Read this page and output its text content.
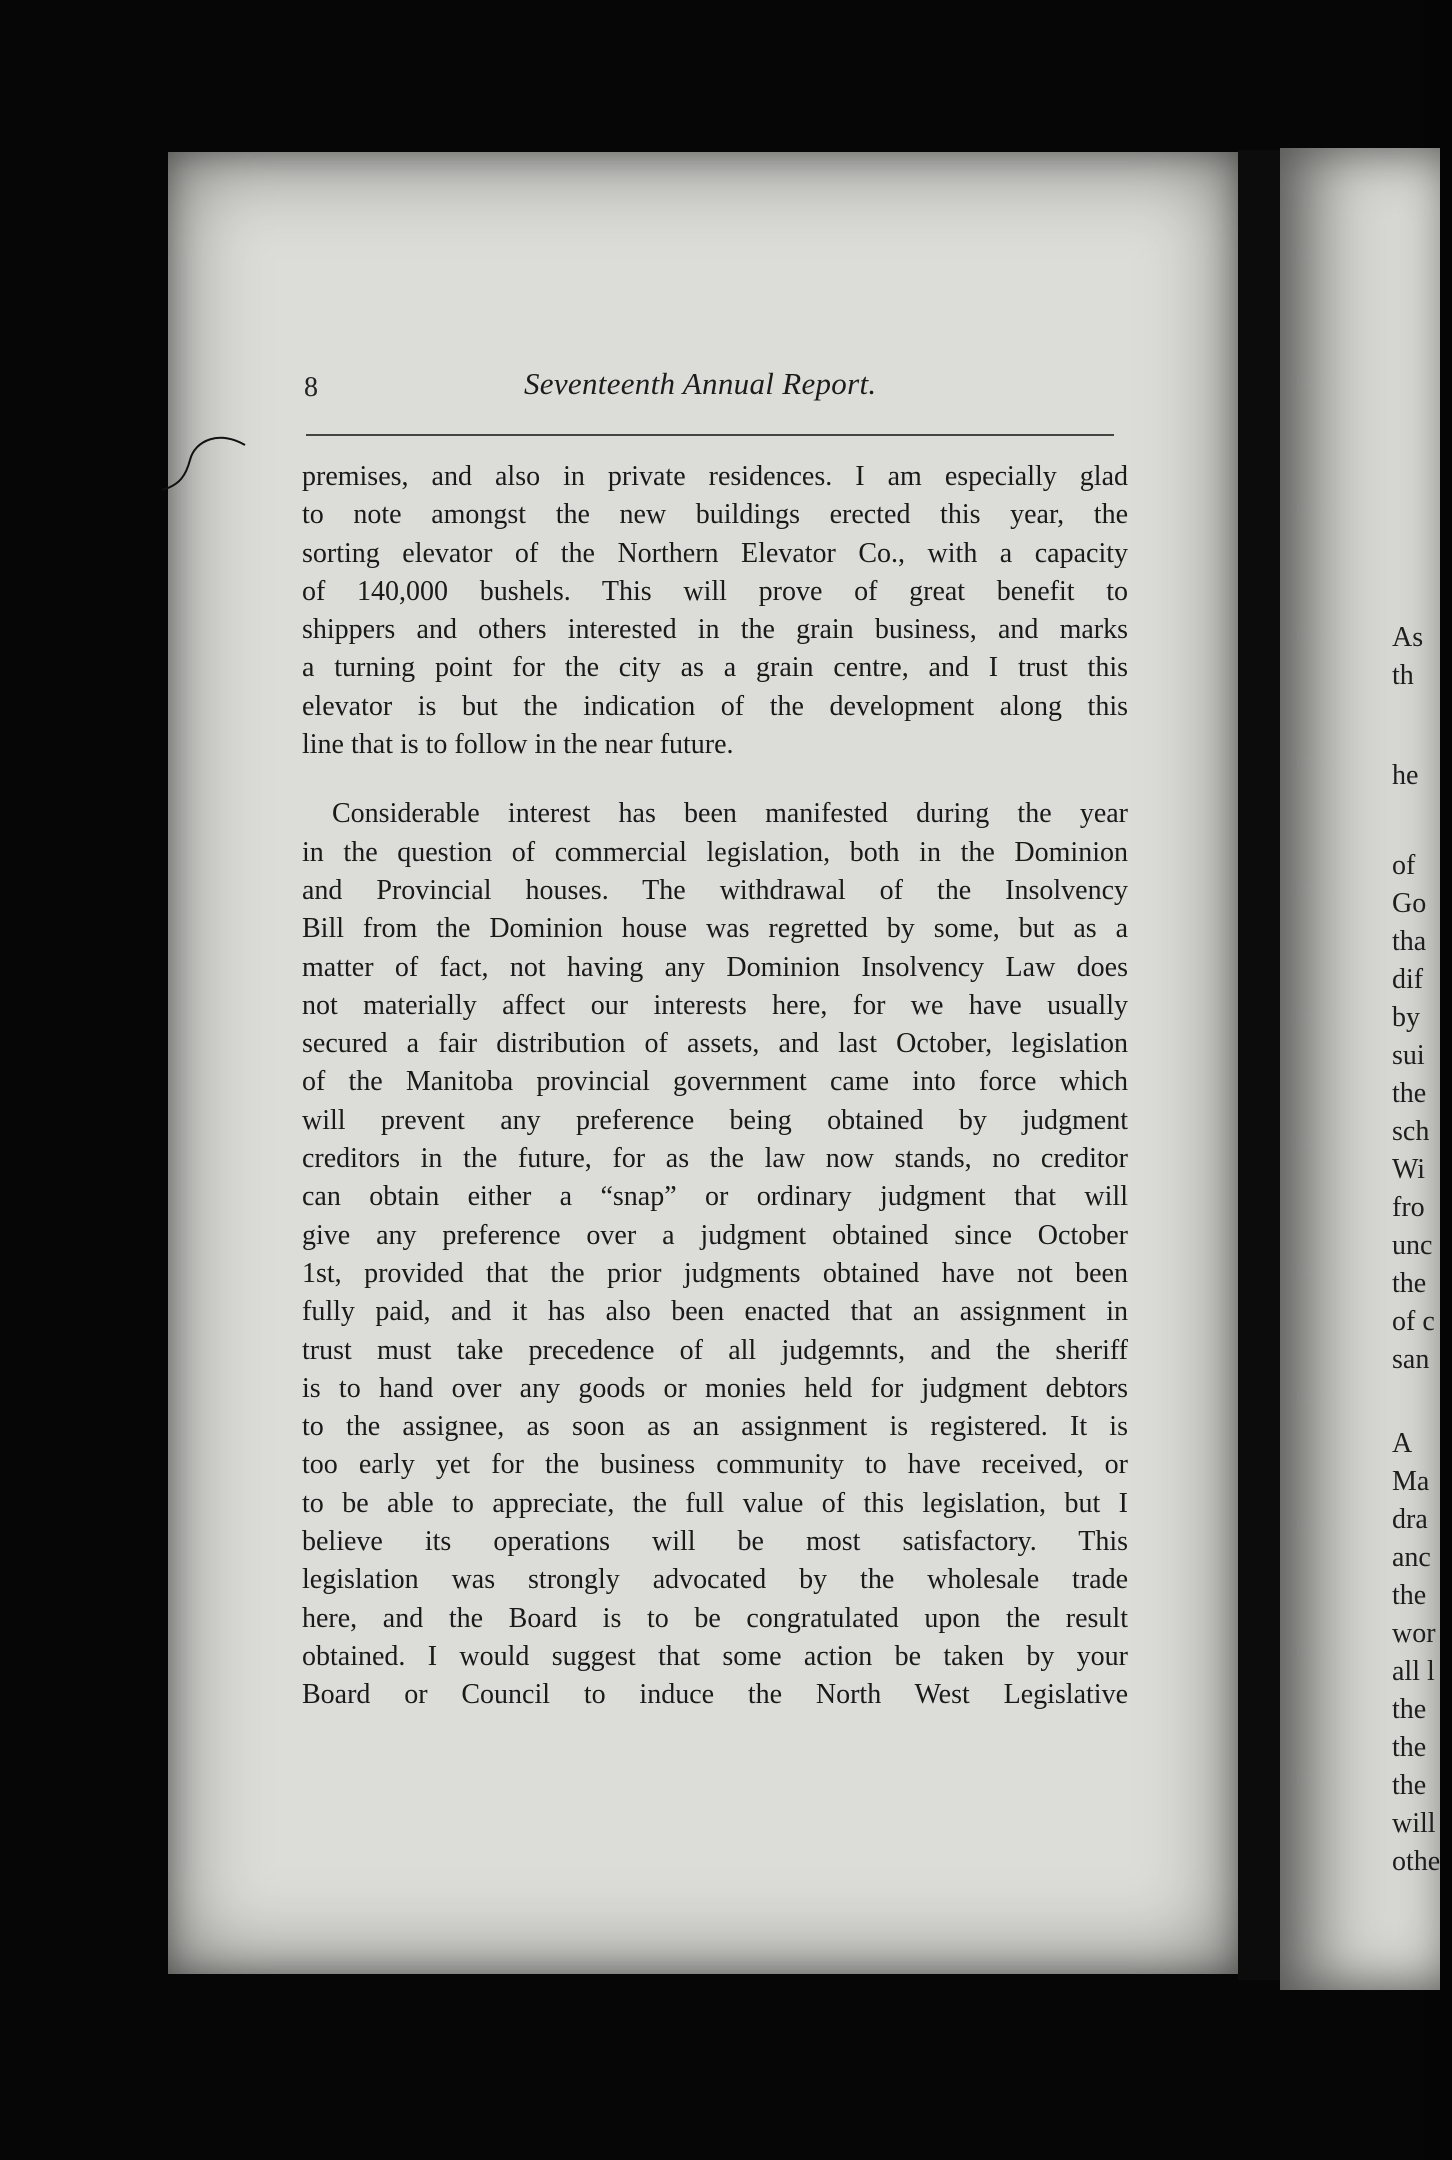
8	Seventeenth Annual Report.
premises, and also in private residences. I am especially glad
to note amongst the new buildings erected this year, the
sorting elevator of the Northern Elevator Co., with a capacity
of 140,000 bushels. This will prove of great benefit to
shippers and others interested in the grain business, and marks
a turning point for the city as a grain centre, and I trust this
elevator is but the indication of the development along this
line that is to follow in the near future.
Considerable interest has been manifested during the year
in the question of commercial legislation, both in the Dominion
and Provincial houses. The withdrawal of the Insolvency
Bill from the Dominion house was regretted by some, but as a
matter of fact, not having any Dominion Insolvency Law does
not materially affect our interests here, for we have usually
secured a fair distribution of assets, and last October, legislation
of the Manitoba provincial government came into force which
will prevent any preference being obtained by judgment
creditors in the future, for as the law now stands, no creditor
can obtain either a “snap” or ordinary judgment that will
give any preference over a judgment obtained since October
1st, provided that the prior judgments obtained have not been
fully paid, and it has also been enacted that an assignment in
trust must take precedence of all judgemnts, and the sheriff
is to hand over any goods or monies held for judgment debtors
to the assignee, as soon as an assignment is registered. It is
too early yet for the business community to have received, or
to be able to appreciate, the full value of this legislation, but I
believe its operations will be most satisfactory. This
legislation was strongly advocated by the wholesale trade
here, and the Board is to be congratulated upon the result
obtained. I would suggest that some action be taken by your
Board or Council to induce the North West Legislative
As
th
he
of
Go
tha
dif
by
sui
the
sch
Wi
fro
unc
the
of c
san
A
Ma
dra
anc
the
wor
all l
the
the
the
will
othe
